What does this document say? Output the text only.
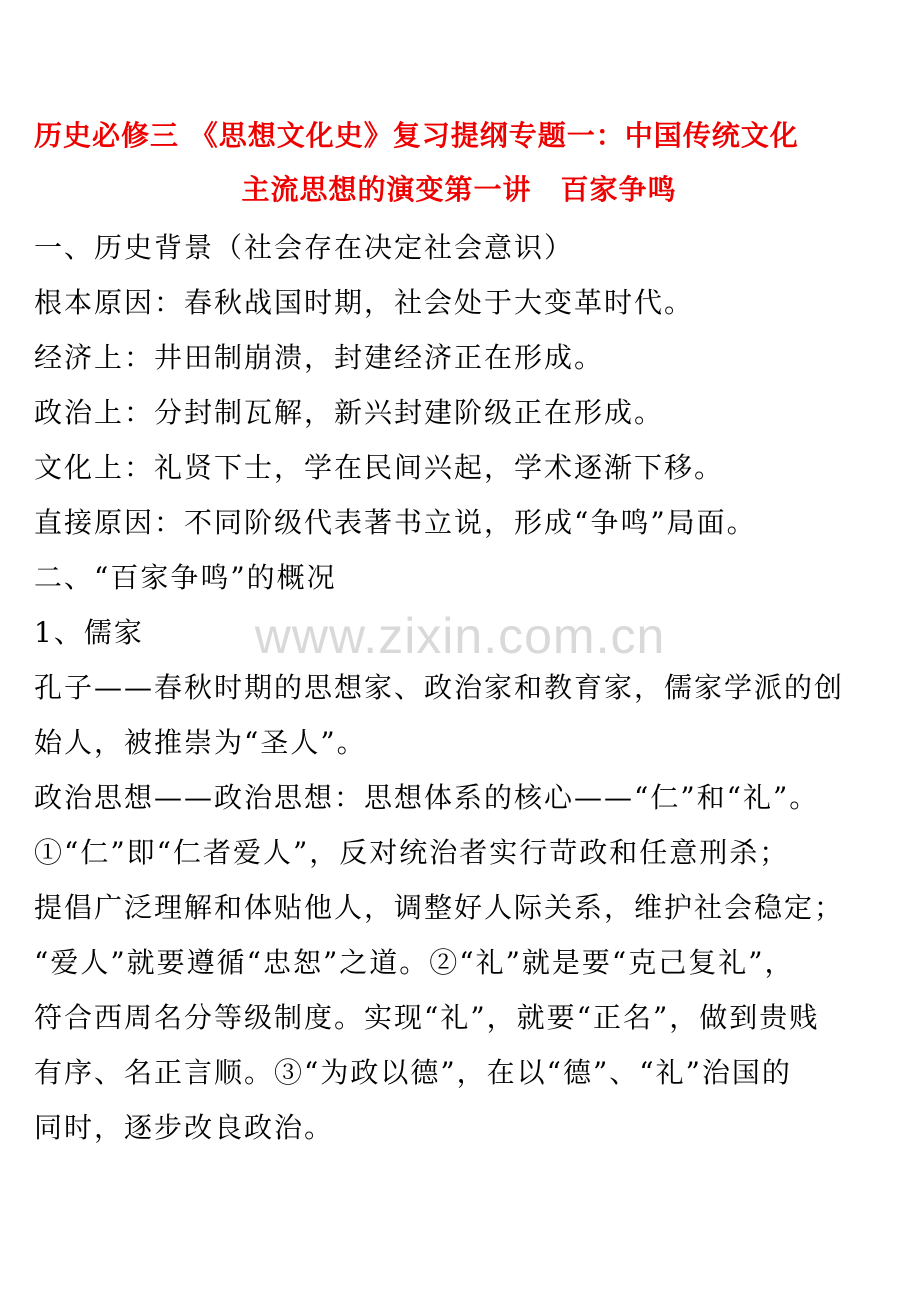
www.zixin.com.cn
历史必修三 《思想文化史》复习提纲专题一：中国传统文化
主流思想的演变第一讲　百家争鸣
一、历史背景（社会存在决定社会意识）
根本原因：春秋战国时期，社会处于大变革时代。
经济上：井田制崩溃，封建经济正在形成。
政治上：分封制瓦解，新兴封建阶级正在形成。
文化上：礼贤下士，学在民间兴起，学术逐渐下移。
直接原因：不同阶级代表著书立说，形成“争鸣”局面。
二、“百家争鸣”的概况
1、儒家
孔子——春秋时期的思想家、政治家和教育家，儒家学派的创
始人，被推崇为“圣人”。
政治思想——政治思想：思想体系的核心——“仁”和“礼”。
①“仁”即“仁者爱人”，反对统治者实行苛政和任意刑杀；
提倡广泛理解和体贴他人，调整好人际关系，维护社会稳定；
“爱人”就要遵循“忠恕”之道。②“礼”就是要“克己复礼”，
符合西周名分等级制度。实现“礼”，就要“正名”，做到贵贱
有序、名正言顺。③“为政以德”，在以“德”、“礼”治国的
同时，逐步改良政治。
